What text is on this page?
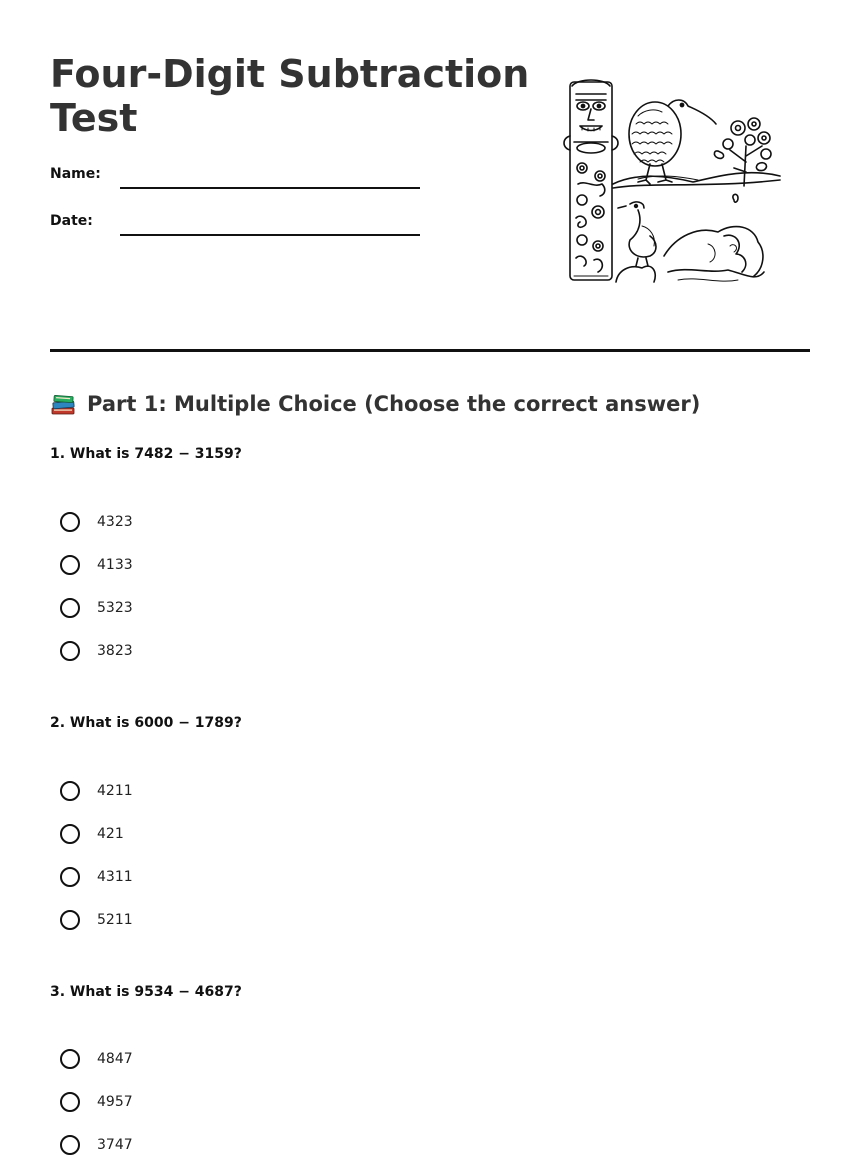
Four-Digit Subtraction Test
Name:
Date:
Part 1: Multiple Choice (Choose the correct answer)
1. What is 7482 − 3159?
4323
4133
5323
3823
2. What is 6000 − 1789?
4211
421
4311
5211
3. What is 9534 − 4687?
4847
4957
3747
